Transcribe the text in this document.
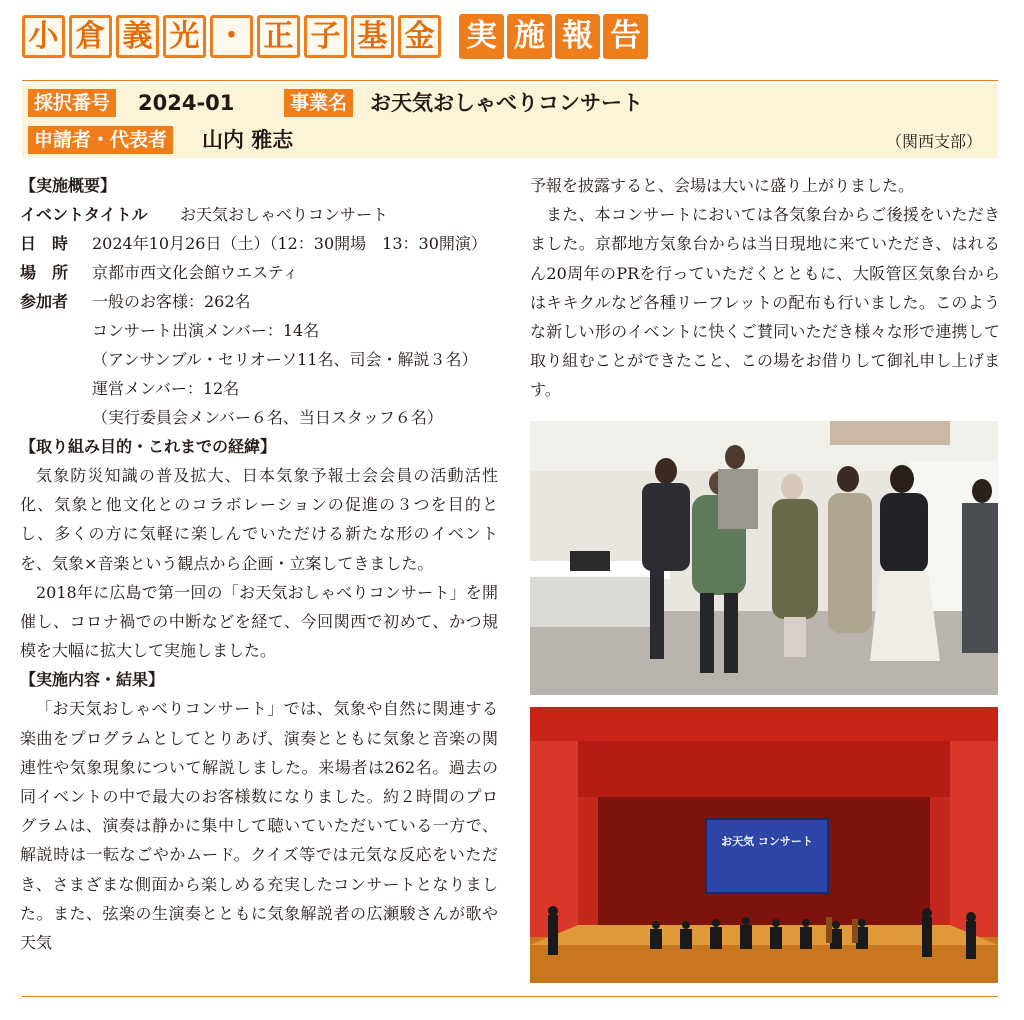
小 倉 義 光 ・ 正 子 基 金 実 施 報 告
採択番号 2024-01	事業名 お天気おしゃべりコンサート
申請者・代表者 山内 雅志	（関西支部）
【実施概要】
イベントタイトル お天気おしゃべりコンサート
日　時 2024年10月26日（土）（12：30開場　13：30開演）
場　所 京都市西文化会館ウエスティ
参加者 一般のお客様：262名
コンサート出演メンバー：14名
（アンサンブル・セリオーソ11名、司会・解説３名）
運営メンバー：12名
（実行委員会メンバー６名、当日スタッフ６名）
【取り組み目的・これまでの経緯】

気象防災知識の普及拡大、日本気象予報士会会員の活動活性化、気象と他文化とのコラボレーションの促進の３つを目的とし、多くの方に気軽に楽しんでいただける新たな形のイベントを、気象×音楽という観点から企画・立案してきました。

2018年に広島で第一回の「お天気おしゃべりコンサート」を開催し、コロナ禍での中断などを経て、今回関西で初めて、かつ規模を大幅に拡大して実施しました。

【実施内容・結果】

「お天気おしゃべりコンサート」では、気象や自然に関連する楽曲をプログラムとしてとりあげ、演奏とともに気象と音楽の関連性や気象現象について解説しました。来場者は262名。過去の同イベントの中で最大のお客様数になりました。約２時間のプログラムは、演奏は静かに集中して聴いていただいている一方で、解説時は一転なごやかムード。クイズ等では元気な反応をいただき、さまざまな側面から楽しめる充実したコンサートとなりました。また、弦楽の生演奏とともに気象解説者の広瀬駿さんが歌や天気

予報を披露すると、会場は大いに盛り上がりました。

また、本コンサートにおいては各気象台からご後援をいただきました。京都地方気象台からは当日現地に来ていただき、はれるん20周年のPRを行っていただくとともに、大阪管区気象台からはキキクルなど各種リーフレットの配布も行いました。このような新しい形のイベントに快くご賛同いただき様々な形で連携して取り組むことができたこと、この場をお借りして御礼申し上げます。

お天気 コンサート
